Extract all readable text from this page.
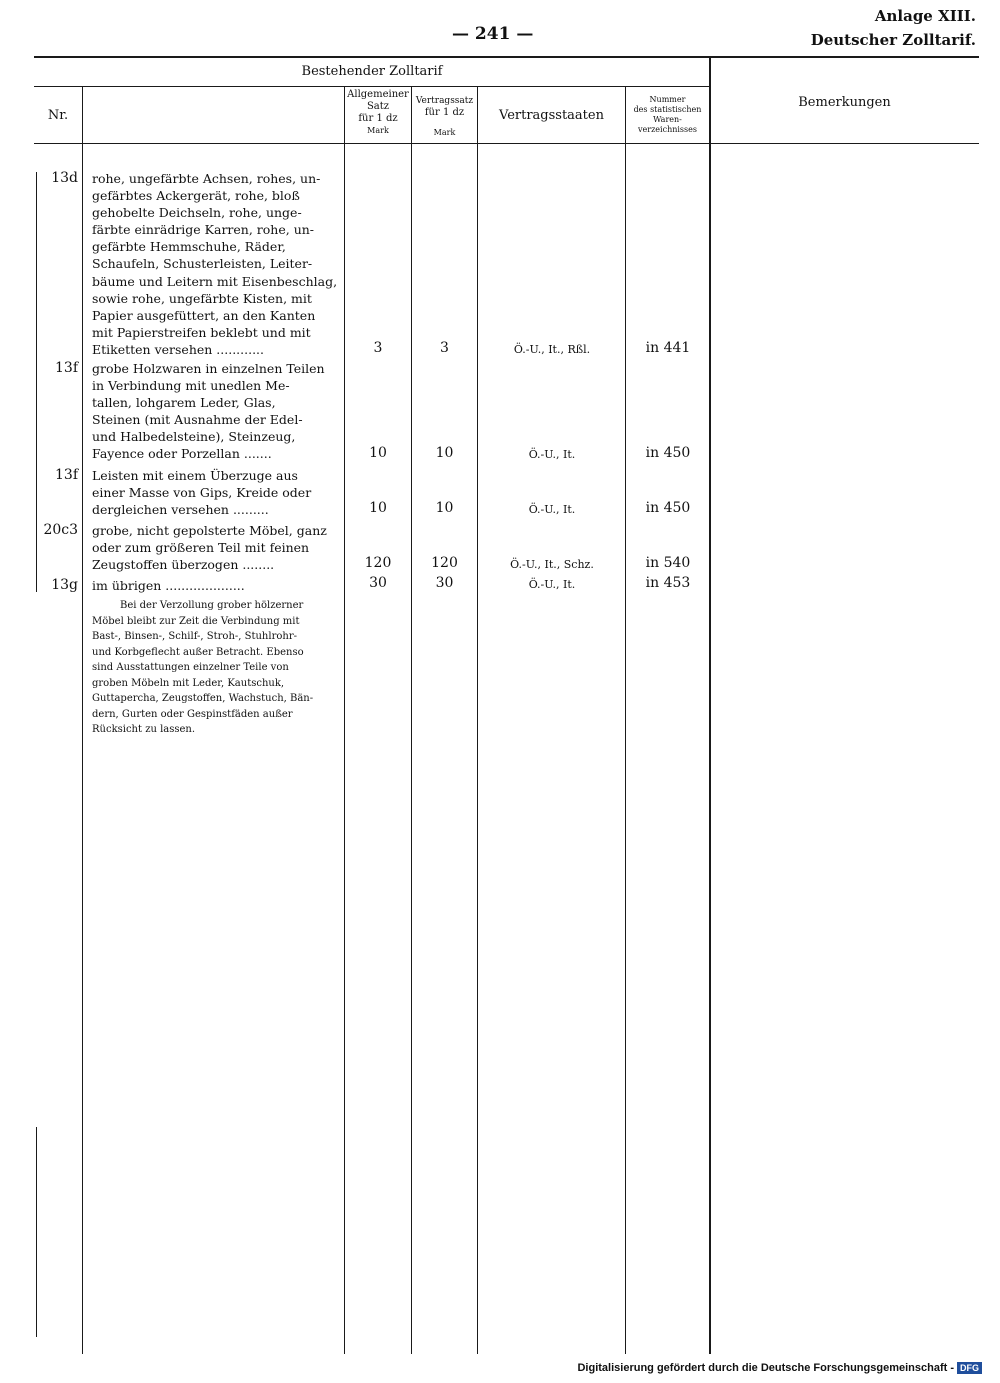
— 241 —
Anlage XIII.
Deutscher Zolltarif.
Bestehender Zolltarif
Nr.
Allgemeiner
Satz
für 1 dz
Mark
Vertragssatz
für 1 dz
Mark
Vertragsstaaten
Nummer
des statistischen
Waren-
verzeichnisses
Bemerkungen
13d rohe, ungefärbte Achsen, rohes, un-
gefärbtes Ackergerät, rohe, bloß
gehobelte Deichseln, rohe, unge-
färbte einrädrige Karren, rohe, un-
gefärbte Hemmschuhe, Räder,
Schaufeln, Schusterleisten, Leiter-
bäume und Leitern mit Eisenbeschlag,
sowie rohe, ungefärbte Kisten, mit
Papier ausgefüttert, an den Kanten
mit Papierstreifen beklebt und mit
Etiketten versehen ............	3	3	Ö.-U., It., Rßl.	in 441
13f grobe Holzwaren in einzelnen Teilen
in Verbindung mit unedlen Me-
tallen, lohgarem Leder, Glas,
Steinen (mit Ausnahme der Edel-
und Halbedelsteine), Steinzeug,
Fayence oder Porzellan .......	10	10	Ö.-U., It.	in 450
13f Leisten mit einem Überzuge aus
einer Masse von Gips, Kreide oder
dergleichen versehen .........	10	10	Ö.-U., It.	in 450
20c3 grobe, nicht gepolsterte Möbel, ganz
oder zum größeren Teil mit feinen
Zeugstoffen überzogen ........	120	120	Ö.-U., It., Schz.	in 540
13g im übrigen ....................	30	30	Ö.-U., It.	in 453
Bei der Verzollung grober hölzerner
Möbel bleibt zur Zeit die Verbindung mit
Bast-, Binsen-, Schilf-, Stroh-, Stuhlrohr-
und Korbgeflecht außer Betracht. Ebenso
sind Ausstattungen einzelner Teile von
groben Möbeln mit Leder, Kautschuk,
Guttapercha, Zeugstoffen, Wachstuch, Bän-
dern, Gurten oder Gespinstfäden außer
Rücksicht zu lassen.
Digitalisierung gefördert durch die Deutsche Forschungsgemeinschaft - DFG
